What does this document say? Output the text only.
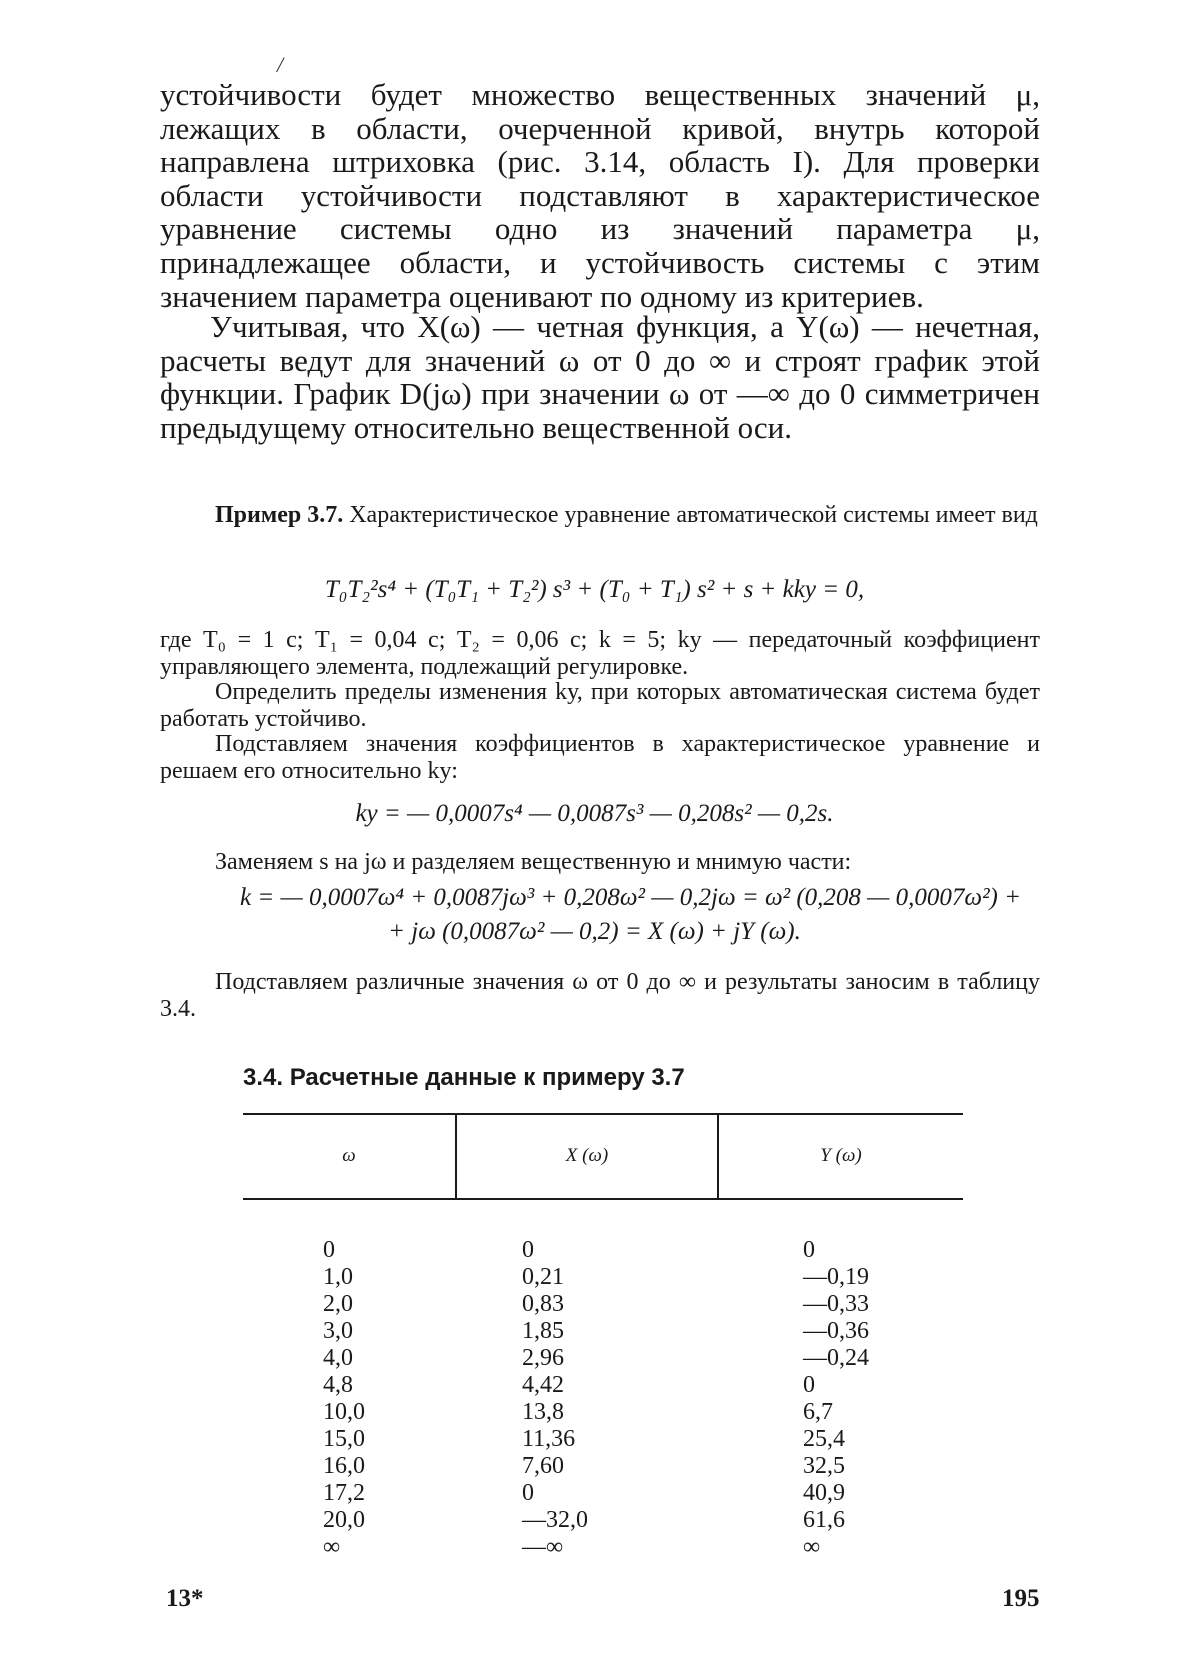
/
устойчивости будет множество вещественных значений μ, лежащих в области, очерченной кривой, внутрь которой направлена штриховка (рис. 3.14, область I). Для проверки области устойчивости подставляют в характеристическое уравнение системы одно из значений параметра μ, принадлежащее области, и устойчивость системы с этим значением параметра оценивают по одному из критериев.
Учитывая, что X(ω) — четная функция, а Y(ω) — нечетная, расчеты ведут для значений ω от 0 до ∞ и строят график этой функции. График D(jω) при значении ω от —∞ до 0 симметричен предыдущему относительно вещественной оси.
Пример 3.7. Характеристическое уравнение автоматической системы имеет вид
T₀T₂²s⁴ + (T₀T₁ + T₂²) s³ + (T₀ + T₁) s² + s + kkу = 0,
где T₀ = 1 с; T₁ = 0,04 с; T₂ = 0,06 с; k = 5; kу — передаточный коэффициент управляющего элемента, подлежащий регулировке.
Определить пределы изменения kу, при которых автоматическая система будет работать устойчиво.
Подставляем значения коэффициентов в характеристическое уравнение и решаем его относительно kу:
kу = — 0,0007s⁴ — 0,0087s³ — 0,208s² — 0,2s.
Заменяем s на jω и разделяем вещественную и мнимую части:
k = — 0,0007ω⁴ + 0,0087jω³ + 0,208ω² — 0,2jω = ω² (0,208 — 0,0007ω²) +
+ jω (0,0087ω² — 0,2) = X (ω) + jY (ω).
Подставляем различные значения ω от 0 до ∞ и результаты заносим в таблицу 3.4.
3.4. Расчетные данные к примеру 3.7
ω	X (ω)	Y (ω)
0	0	0
1,0	0,21	—0,19
2,0	0,83	—0,33
3,0	1,85	—0,36
4,0	2,96	—0,24
4,8	4,42	0
10,0	13,8	6,7
15,0	11,36	25,4
16,0	7,60	32,5
17,2	0	40,9
20,0	—32,0	61,6
∞	—∞	∞
13*	195
